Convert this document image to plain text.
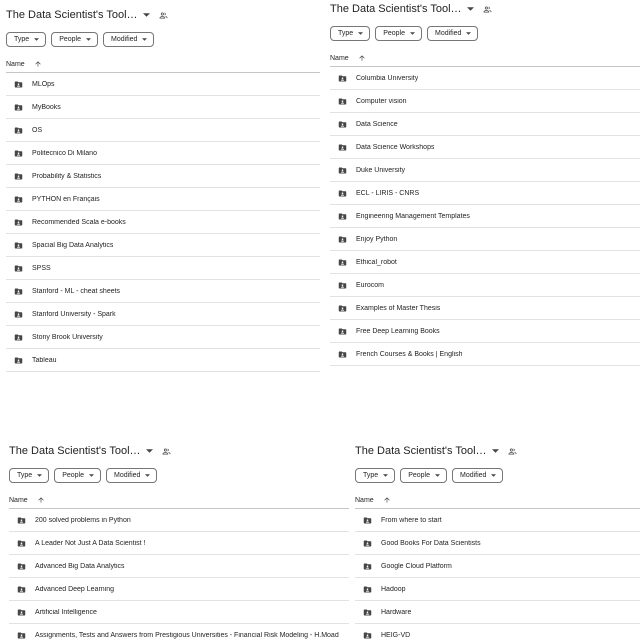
The Data Scientist's Tool…
Type	People	Modified
Name
MLOps
MyBooks
OS
Politecnico Di Milano
Probability & Statistics
PYTHON en Français
Recommended Scala e-books
Spacial Big Data Analytics
SPSS
Stanford - ML - cheat sheets
Stanford University - Spark
Stony Brook University
Tableau
The Data Scientist's Tool…
Type	People	Modified
Name
Columbia University
Computer vision
Data Science
Data Science Workshops
Duke University
ECL - LIRIS - CNRS
Engineering Management Templates
Enjoy Python
Ethical_robot
Eurocom
Examples of Master Thesis
Free Deep Learning Books
French Courses & Books | English
The Data Scientist's Tool…
Type	People	Modified
Name
200 solved problems in Python
A Leader Not Just A Data Scientist !
Advanced Big Data Analytics
Advanced Deep Learning
Artificial Intelligence
Assignments, Tests and Answers from Prestigious Universities - Financial Risk Modeling - H.Moad
The Data Scientist's Tool…
Type	People	Modified
Name
From where to start
Good Books For Data Scientists
Google Cloud Platform
Hadoop
Hardware
HEIG-VD
